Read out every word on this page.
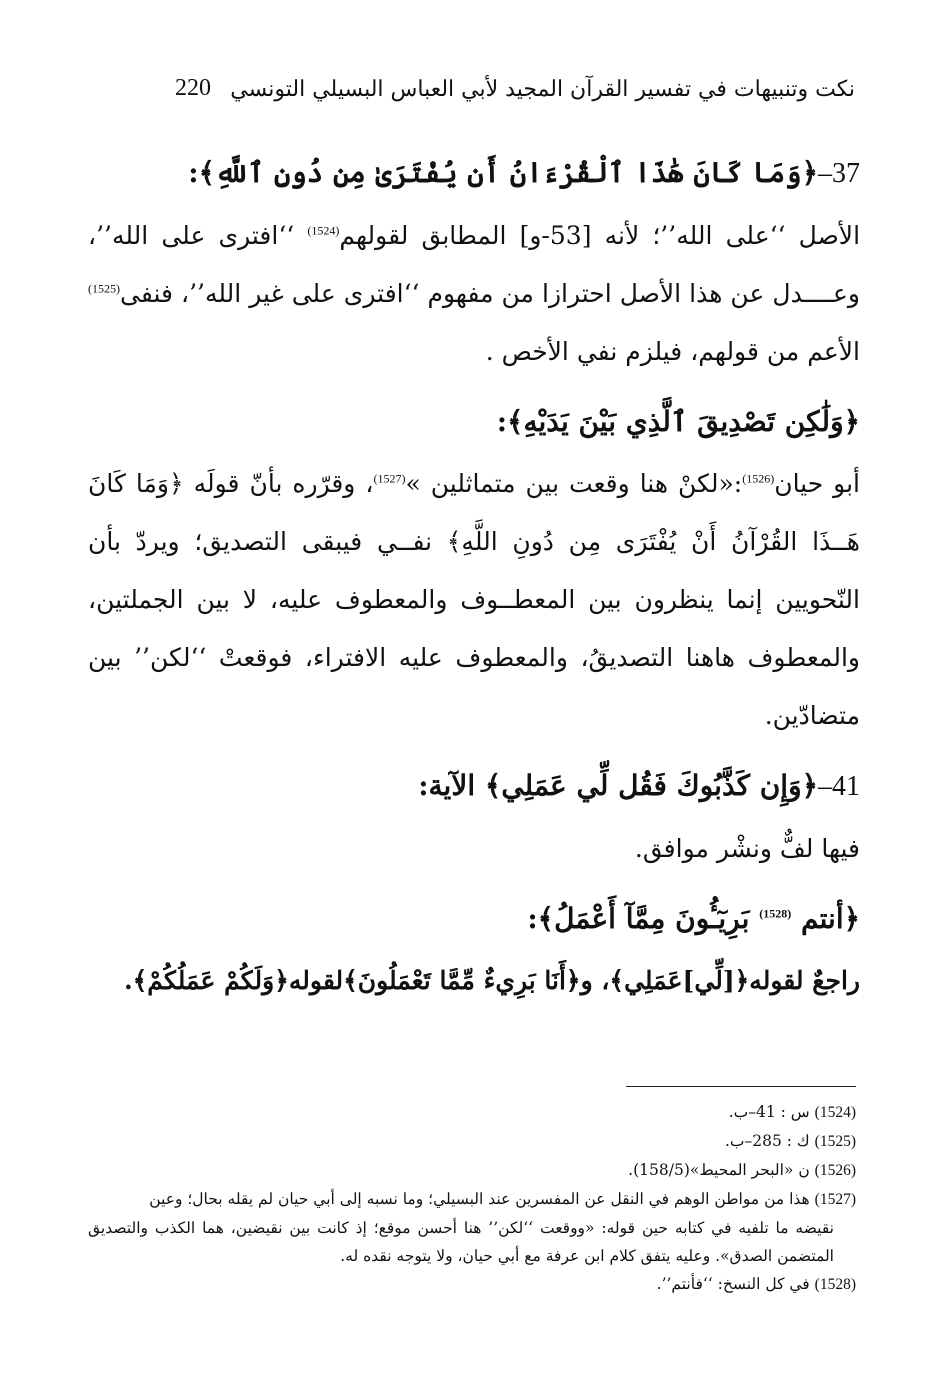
220 نكت وتنبيهات في تفسير القرآن المجيد لأبي العباس البسيلي التونسي

37–﴿وَمَا كَانَ هَٰذَا ٱلْقُرْءَانُ أَن يُفْتَرَىٰ مِن دُونِ ٱللَّهِ﴾:

الأصل ‘‘على الله’’؛ لأنه [53-ﻭ] المطابق لقولهم$^{(1524)}$ ‘‘افترى على الله’’، وعــــدل عن هذا الأصل احترازا من مفهوم ‘‘افترى على غير الله’’، فنفى$^{(1525)}$ الأعم من قولهم، فيلزم نفي الأخص .

﴿وَلَٰكِن تَصْدِيقَ ٱلَّذِي بَيْنَ يَدَيْهِ﴾:

أبو حيان$^{(1526)}$:«لكنْ هنا وقعت بين متماثلين »$^{(1527)}$، وقرّره بأنّ قولَه ﴿وَمَا كَانَ هَــذَا القُرْآنُ أَنْ يُفْتَرَى مِن دُونِ اللَّهِ﴾ نفــي فيبقى التصديق؛ ويردّ بأن النّحويين إنما ينظرون بين المعطــوف والمعطوف عليه، لا بين الجملتين، والمعطوف هاهنا التصديقُ، والمعطوف عليه الافتراء، فوقعتْ ‘‘لكن’’ بين متضادّين.

41–﴿وَإِن كَذَّبُوكَ فَقُل لِّي عَمَلِي﴾ الآية:

فيها لفٌّ ونشْر موافق.

﴿أنتم $^{(1528)}$ بَرِيٓـُٔونَ مِمَّآ أَعْمَلُ﴾:

راجعٌ لقوله﴿[لِّي]عَمَلِي﴾، و﴿أَنَا بَرِيءٌ مِّمَّا تَعْمَلُونَ﴾لقوله﴿وَلَكُمْ عَمَلُكُمْ﴾.

(1524) س : 41–ب.

(1525) ك : 285–ب.

(1526) ن «البحر المحيط»(158/5).

(1527) هذا من مواطن الوهم في النقل عن المفسرين عند البسيلي؛ وما نسبه إلى أبي حيان لم يقله بحال؛ وعين

نقيضه ما تلفيه في كتابه حين قوله: «ووقعت ‘‘لكن’’ هنا أحسن موقع؛ إذ كانت بين نقيضين، هما الكذب والتصديق المتضمن الصدق». وعليه يتفق كلام ابن عرفة مع أبي حيان، ولا يتوجه نقده له.

(1528) في كل النسخ: ‘‘فأنتم’’.
